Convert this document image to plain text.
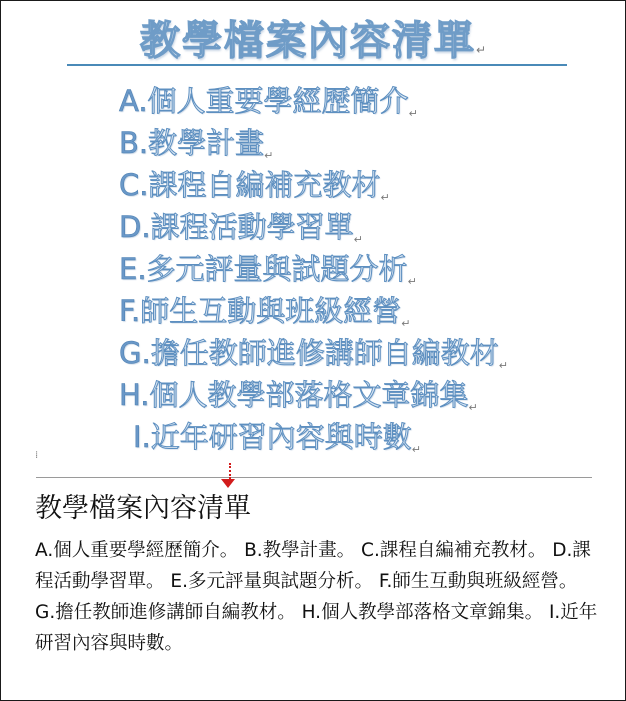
教學檔案內容清單↵
A.個人重要學經歷簡介↵
B.教學計畫↵
C.課程自編補充教材↵
D.課程活動學習單↵
E.多元評量與試題分析↵
F.師生互動與班級經營↵
G.擔任教師進修講師自編教材↵
H.個人教學部落格文章錦集↵
I.近年研習內容與時數↵
⁞
教學檔案內容清單
A.個人重要學經歷簡介。 B.教學計畫。 C.課程自編補充教材。 D.課程活動學習單。 E.多元評量與試題分析。 F.師生互動與班級經營。 G.擔任教師進修講師自編教材。 H.個人教學部落格文章錦集。 I.近年研習內容與時數。
